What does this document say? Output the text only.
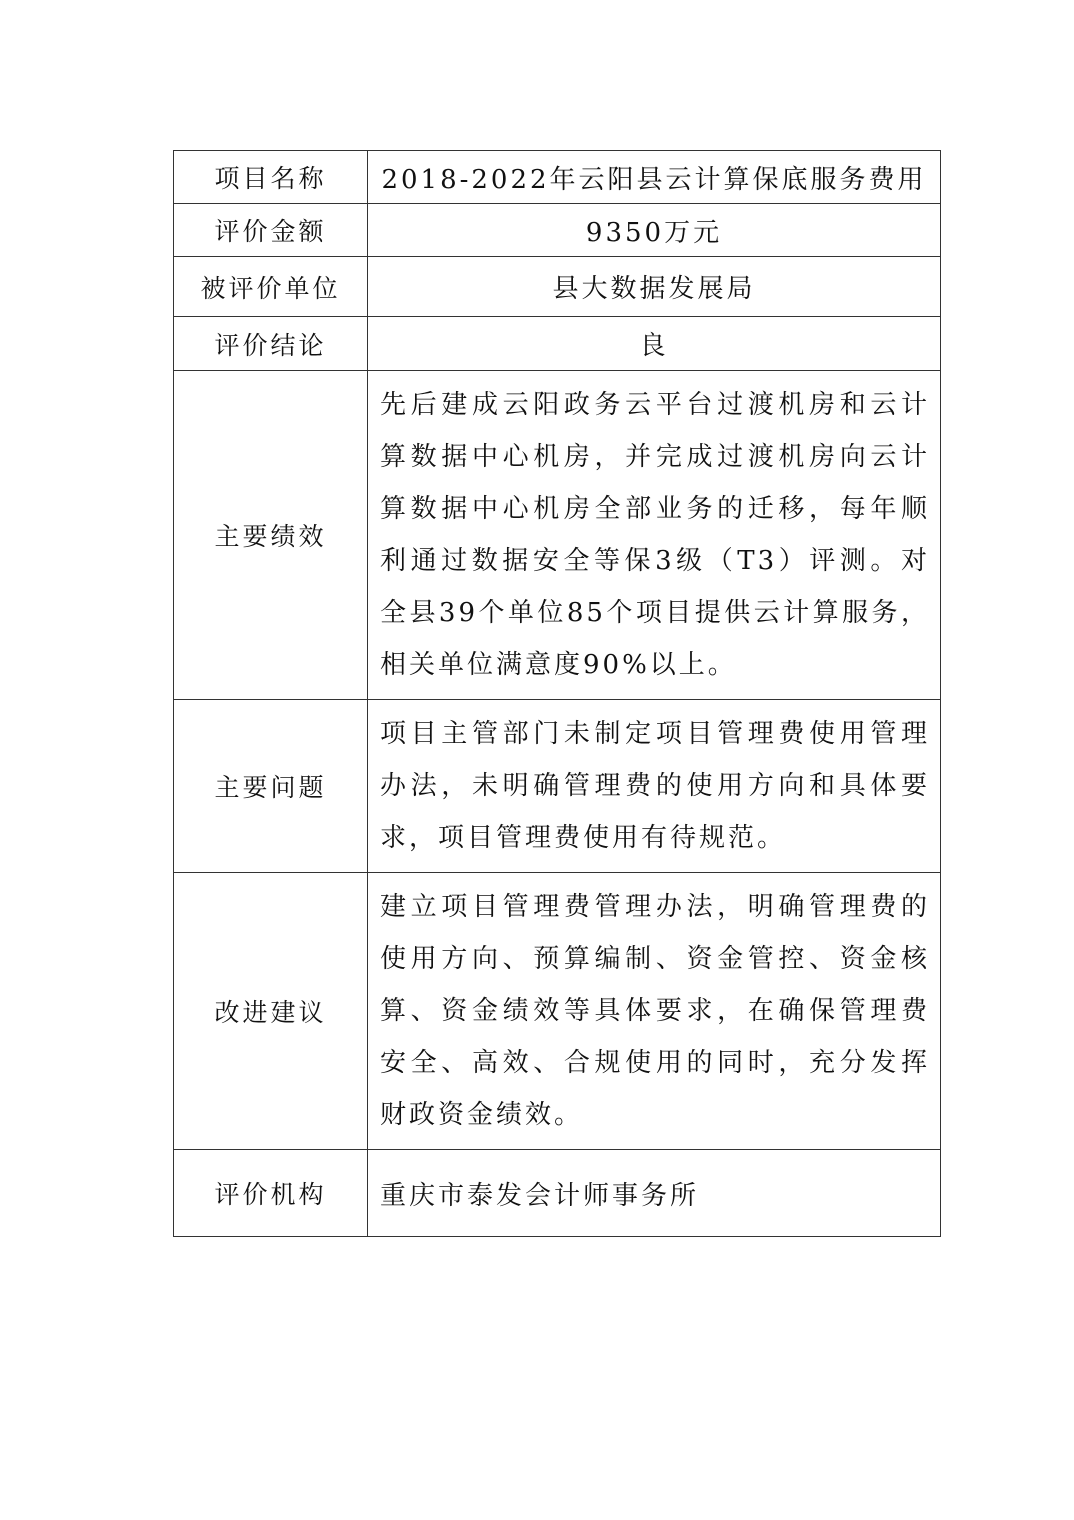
项目名称	2018-2022年云阳县云计算保底服务费用
评价金额	9350万元
被评价单位	县大数据发展局
评价结论	良
主要绩效	先后建成云阳政务云平台过渡机房和云计算数据中心机房，并完成过渡机房向云计算数据中心机房全部业务的迁移，每年顺利通过数据安全等保3级（T3）评测。对全县39个单位85个项目提供云计算服务，相关单位满意度90%以上。
主要问题	项目主管部门未制定项目管理费使用管理办法，未明确管理费的使用方向和具体要求，项目管理费使用有待规范。
改进建议	建立项目管理费管理办法，明确管理费的使用方向、预算编制、资金管控、资金核算、资金绩效等具体要求，在确保管理费安全、高效、合规使用的同时，充分发挥财政资金绩效。
评价机构	重庆市泰发会计师事务所
